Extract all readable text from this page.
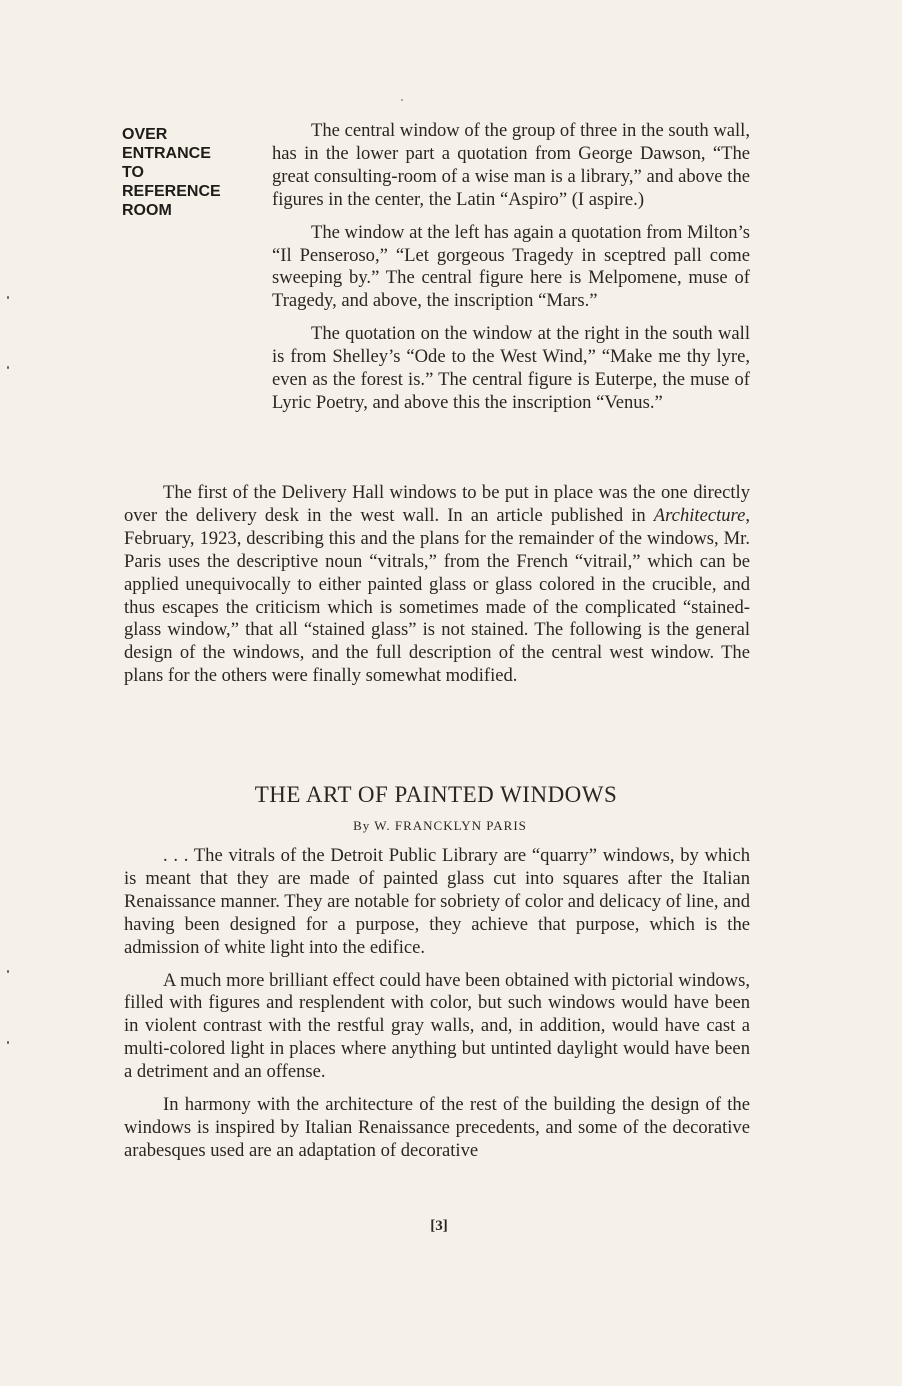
OVER
ENTRANCE
TO
REFERENCE
ROOM

The central window of the group of three in the south wall, has in the lower part a quotation from George Dawson, “The great consulting-room of a wise man is a library,” and above the figures in the center, the Latin “Aspiro” (I aspire.)

The window at the left has again a quotation from Milton’s “Il Penseroso,” “Let gorgeous Tragedy in sceptred pall come sweeping by.” The central figure here is Melpomene, muse of Tragedy, and above, the inscription “Mars.”

The quotation on the window at the right in the south wall is from Shelley’s “Ode to the West Wind,” “Make me thy lyre, even as the forest is.” The central figure is Euterpe, the muse of Lyric Poetry, and above this the inscription “Venus.”

The first of the Delivery Hall windows to be put in place was the one directly over the delivery desk in the west wall. In an article published in Architecture, February, 1923, describing this and the plans for the remainder of the windows, Mr. Paris uses the descriptive noun “vitrals,” from the French “vitrail,” which can be applied unequivocally to either painted glass or glass colored in the crucible, and thus escapes the criticism which is sometimes made of the complicated “stained-glass window,” that all “stained glass” is not stained. The following is the general design of the windows, and the full description of the central west window. The plans for the others were finally somewhat modified.

THE ART OF PAINTED WINDOWS
By W. FRANCKLYN PARIS

. . . The vitrals of the Detroit Public Library are “quarry” windows, by which is meant that they are made of painted glass cut into squares after the Italian Renaissance manner. They are notable for sobriety of color and delicacy of line, and having been designed for a purpose, they achieve that purpose, which is the admission of white light into the edifice.

A much more brilliant effect could have been obtained with pictorial windows, filled with figures and resplendent with color, but such windows would have been in violent contrast with the restful gray walls, and, in addition, would have cast a multi-colored light in places where anything but untinted daylight would have been a detriment and an offense.

In harmony with the architecture of the rest of the building the design of the windows is inspired by Italian Renaissance precedents, and some of the decorative arabesques used are an adaptation of decorative

[3]
